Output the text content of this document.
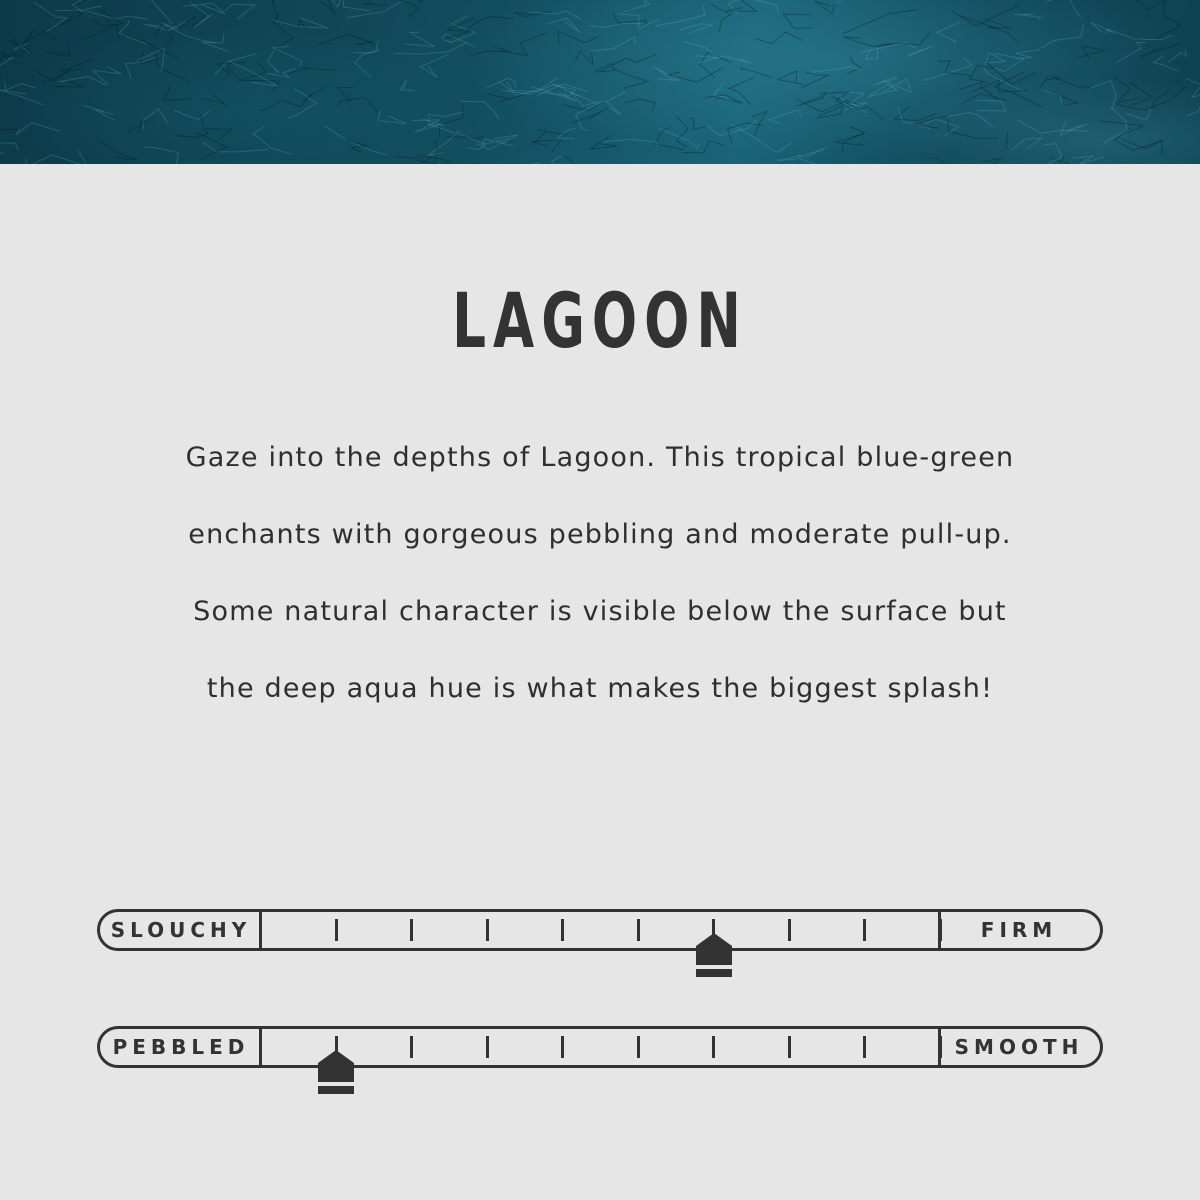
LAGOON
Gaze into the depths of Lagoon. This tropical blue-green
enchants with gorgeous pebbling and moderate pull-up.
Some natural character is visible below the surface but
the deep aqua hue is what makes the biggest splash!
SLOUCHY	FIRM
PEBBLED	SMOOTH
